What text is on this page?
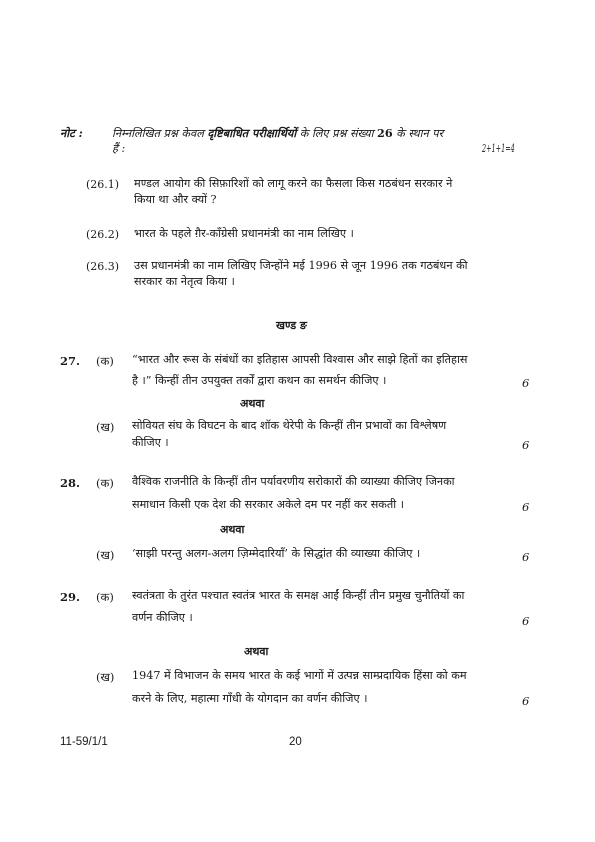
नोट :	निम्नलिखित प्रश्न केवल दृष्टिबाधित परीक्षार्थियों के लिए प्रश्न संख्या 26 के स्थान पर
हैं :	2+1+1=4
(26.1) मण्डल आयोग की सिफ़ारिशों को लागू करने का फैसला किस गठबंधन सरकार ने
किया था और क्यों ?
(26.2) भारत के पहले ग़ैर-कॉंग्रेसी प्रधानमंत्री का नाम लिखिए ।
(26.3) उस प्रधानमंत्री का नाम लिखिए जिन्होंने मई 1996 से जून 1996 तक गठबंधन की
सरकार का नेतृत्व किया ।
खण्ड ङ
27. (क) “भारत और रूस के संबंधों का इतिहास आपसी विश्वास और साझे हितों का इतिहास
है ।” किन्हीं तीन उपयुक्त तर्कों द्वारा कथन का समर्थन कीजिए ।	6
अथवा
(ख) सोवियत संघ के विघटन के बाद शॉक थेरेपी के किन्हीं तीन प्रभावों का विश्लेषण
कीजिए ।	6
28. (क) वैश्विक राजनीति के किन्हीं तीन पर्यावरणीय सरोकारों की व्याख्या कीजिए जिनका
समाधान किसी एक देश की सरकार अकेले दम पर नहीं कर सकती ।	6
अथवा
(ख) ‘साझी परन्तु अलग-अलग ज़िम्मेदारियाँ’ के सिद्धांत की व्याख्या कीजिए ।	6
29. (क) स्वतंत्रता के तुरंत पश्चात स्वतंत्र भारत के समक्ष आईं किन्हीं तीन प्रमुख चुनौतियों का
वर्णन कीजिए ।	6
अथवा
(ख) 1947 में विभाजन के समय भारत के कई भागों में उत्पन्न साम्प्रदायिक हिंसा को कम
करने के लिए, महात्मा गाँधी के योगदान का वर्णन कीजिए ।	6
11-59/1/1	20
